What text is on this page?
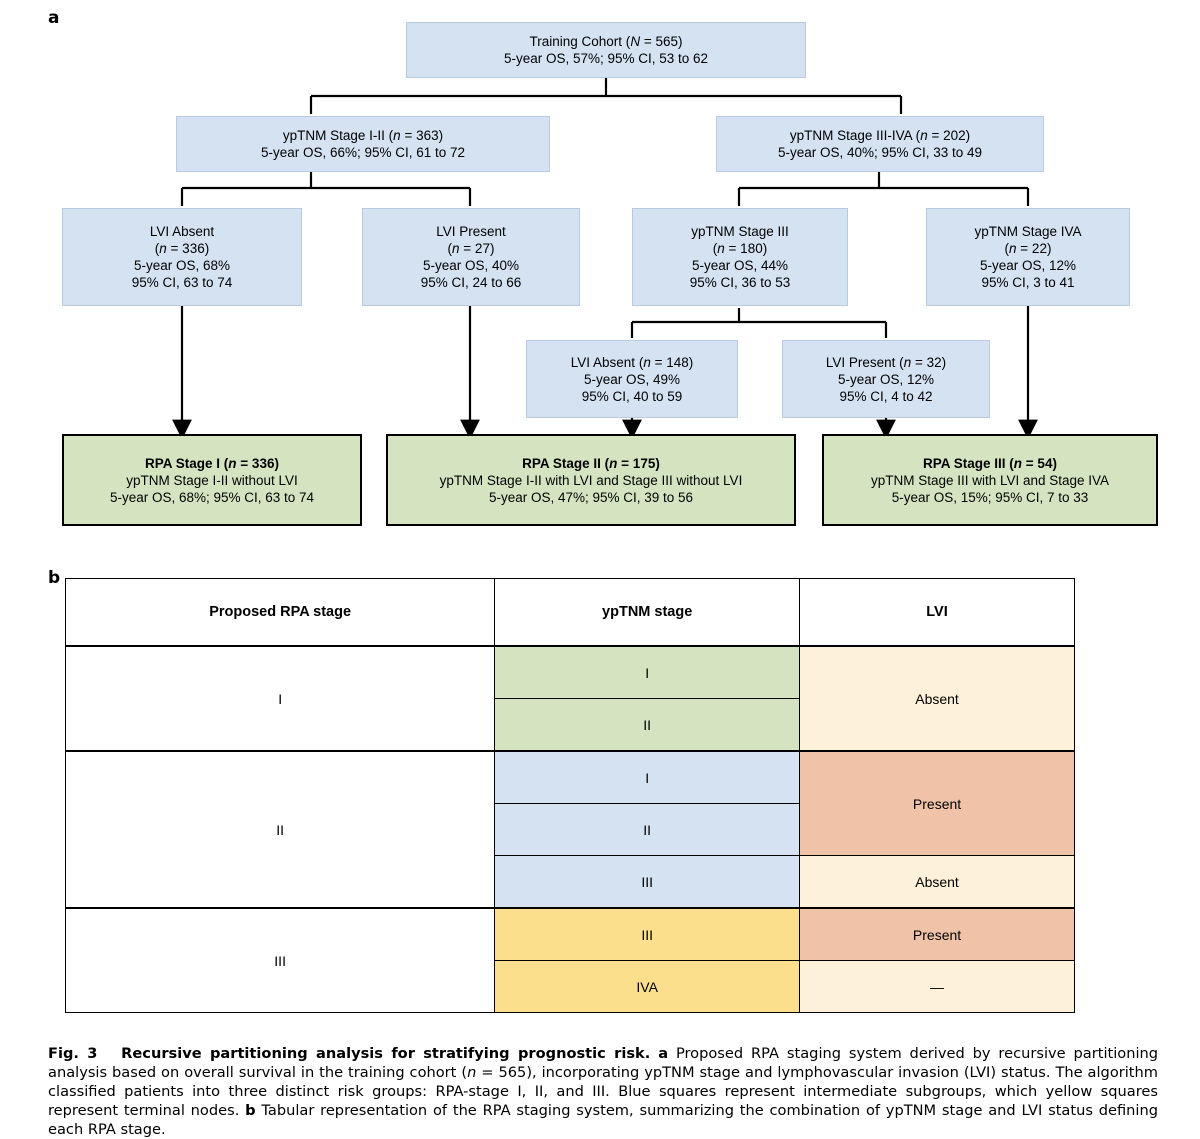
a
b
Training Cohort (N = 565)
5-year OS, 57%; 95% CI, 53 to 62
ypTNM Stage I-II (n = 363)
5-year OS, 66%; 95% CI, 61 to 72
ypTNM Stage III-IVA (n = 202)
5-year OS, 40%; 95% CI, 33 to 49
LVI Absent
(n = 336)
5-year OS, 68%
95% CI, 63 to 74
LVI Present
(n = 27)
5-year OS, 40%
95% CI, 24 to 66
ypTNM Stage III
(n = 180)
5-year OS, 44%
95% CI, 36 to 53
ypTNM Stage IVA
(n = 22)
5-year OS, 12%
95% CI, 3 to 41
LVI Absent (n = 148)
5-year OS, 49%
95% CI, 40 to 59
LVI Present (n = 32)
5-year OS, 12%
95% CI, 4 to 42
RPA Stage I (n = 336)
ypTNM Stage I-II without LVI
5-year OS, 68%; 95% CI, 63 to 74
RPA Stage II (n = 175)
ypTNM Stage I-II with LVI and Stage III without LVI
5-year OS, 47%; 95% CI, 39 to 56
RPA Stage III (n = 54)
ypTNM Stage III with LVI and Stage IVA
5-year OS, 15%; 95% CI, 7 to 33
Proposed RPA stage	ypTNM stage	LVI
I	I	Absent
	II	
II	I	Present
	II	
	III	Absent
III	III	Present
	IVA	—
Fig. 3 Recursive partitioning analysis for stratifying prognostic risk. a Proposed RPA staging system derived by recursive partitioning analysis based on overall survival in the training cohort (n = 565), incorporating ypTNM stage and lymphovascular invasion (LVI) status. The algorithm classified patients into three distinct risk groups: RPA-stage I, II, and III. Blue squares represent intermediate subgroups, which yellow squares represent terminal nodes. b Tabular representation of the RPA staging system, summarizing the combination of ypTNM stage and LVI status defining each RPA stage.
